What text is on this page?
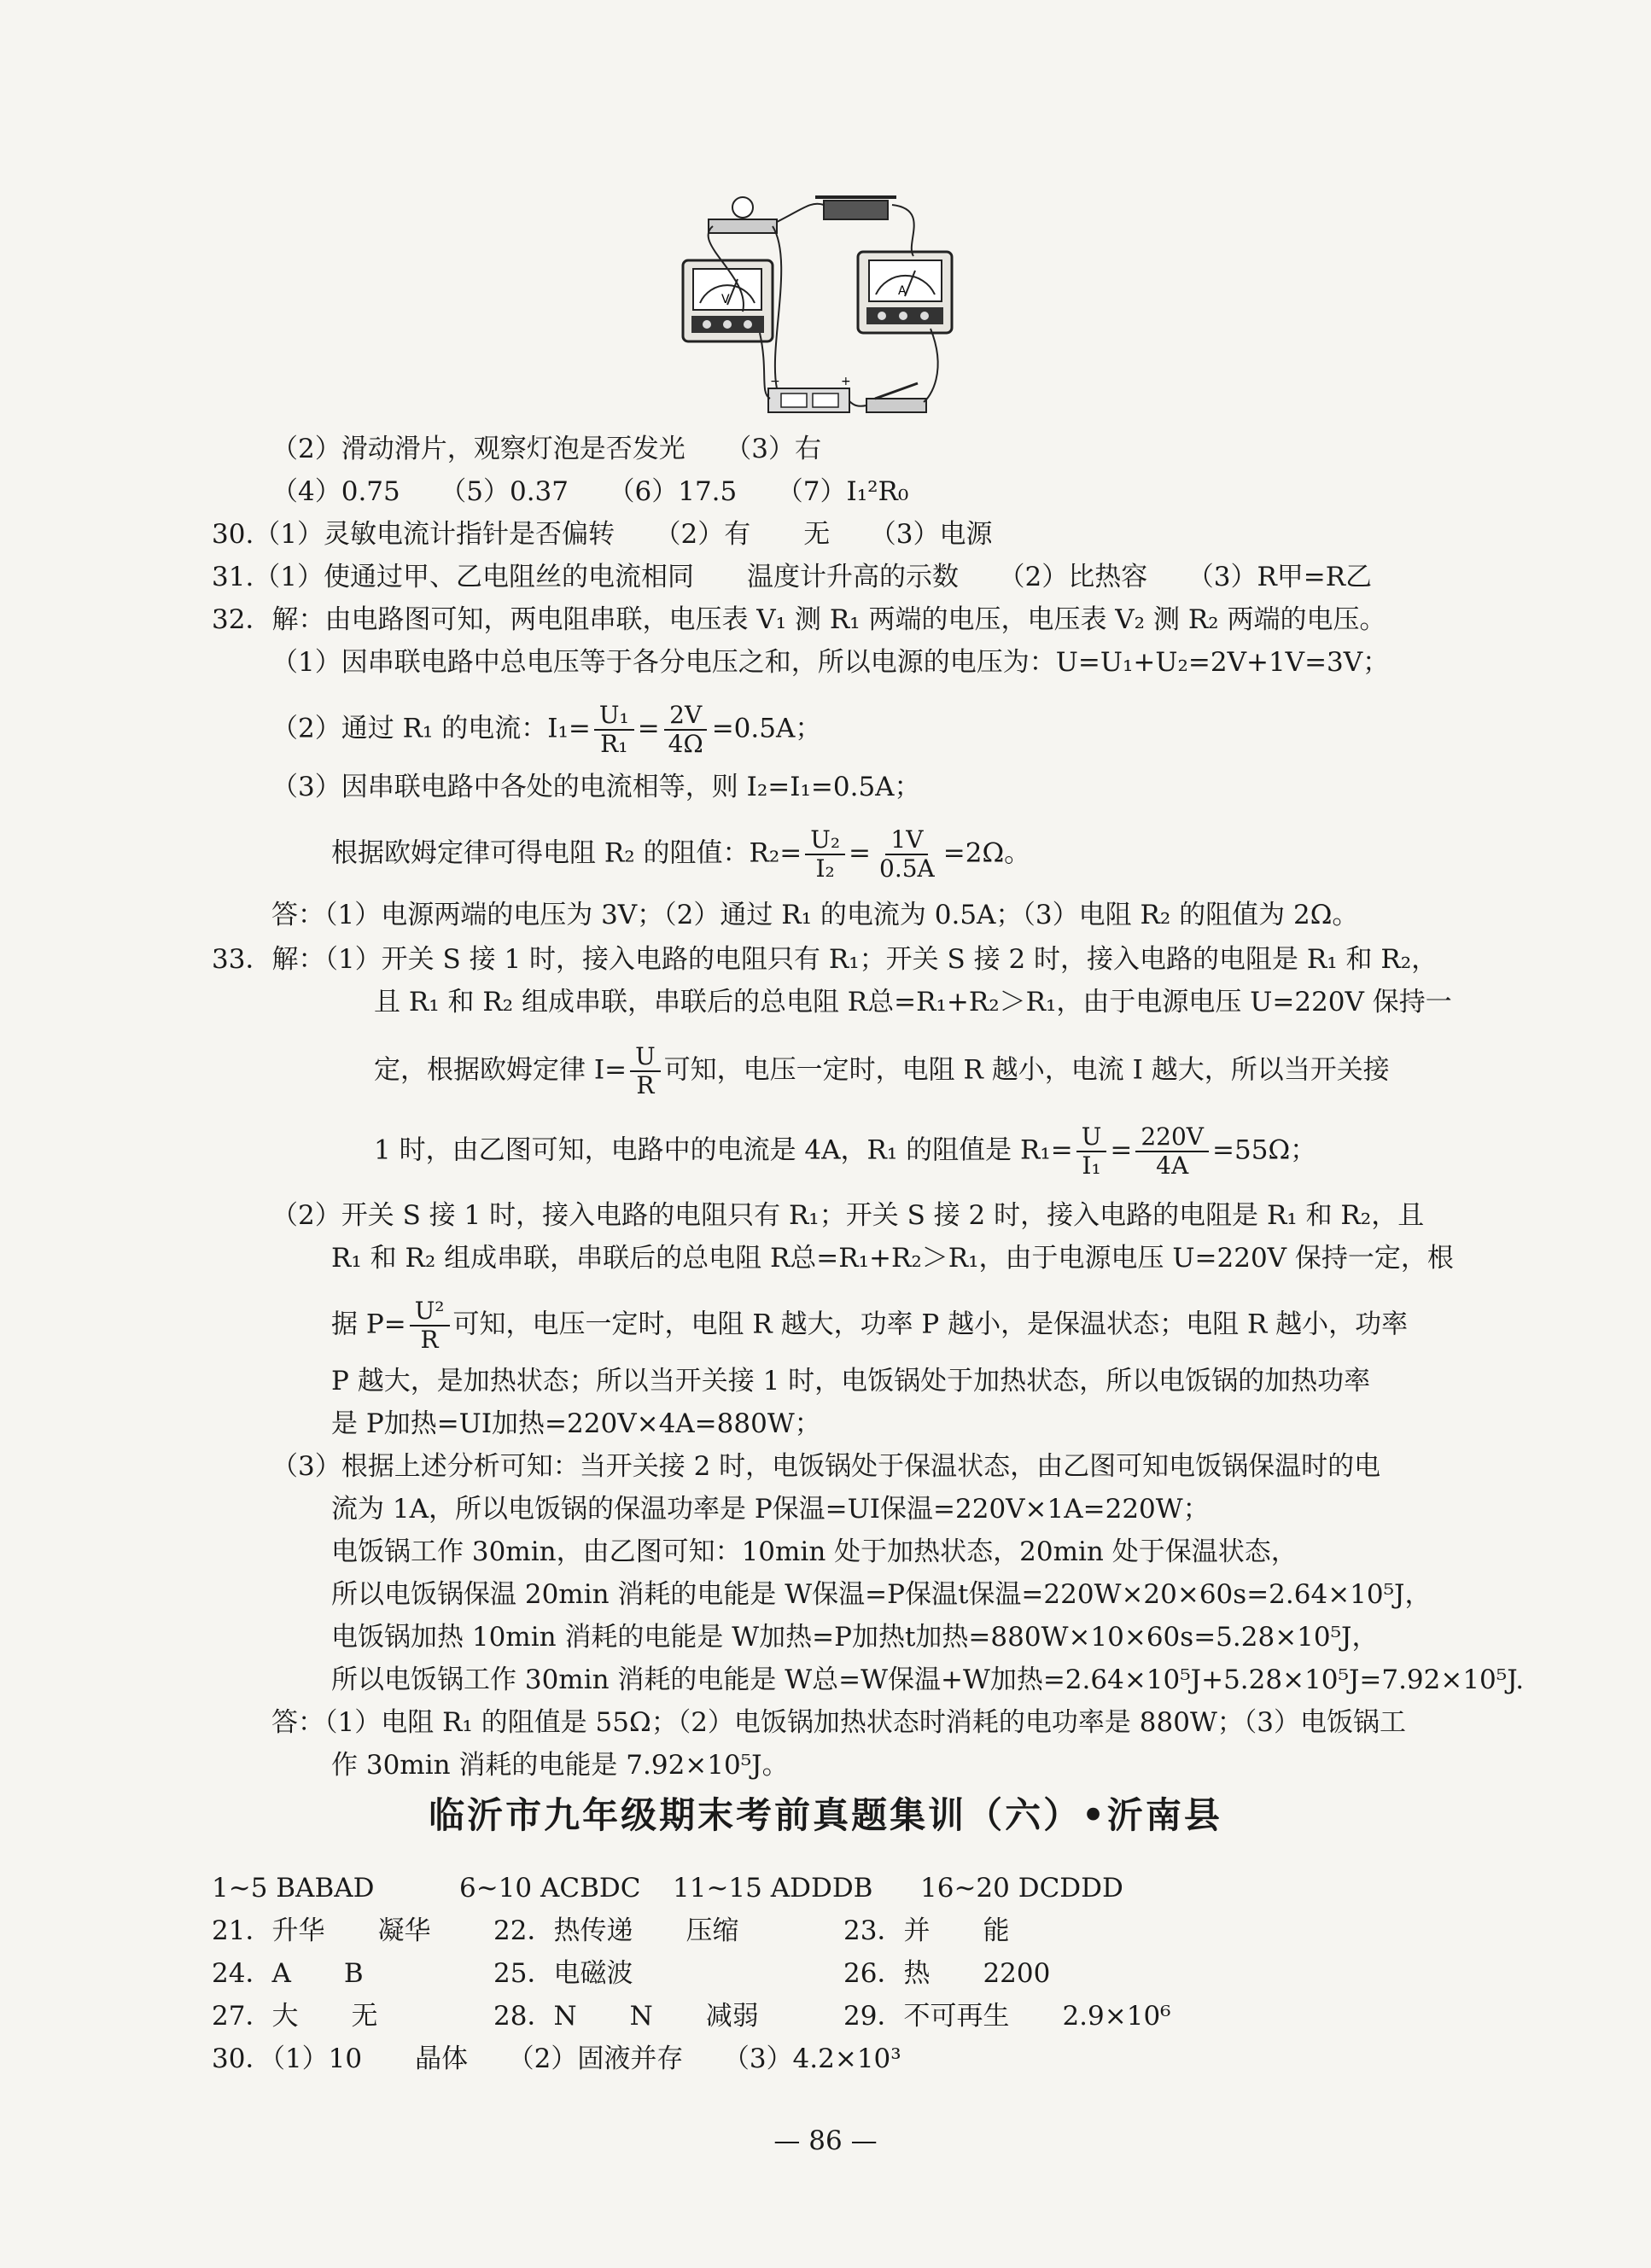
V
A
−	+
（2）滑动滑片，观察灯泡是否发光　　（3）右
（4）0.75　　（5）0.37　　（6）17.5　　（7）I₁²R₀
30.（1）灵敏电流计指针是否偏转　　（2）有　　无　　（3）电源
31.（1）使通过甲、乙电阻丝的电流相同　　温度计升高的示数　　（2）比热容　　（3）R甲=R乙
32．解：由电路图可知，两电阻串联，电压表 V₁ 测 R₁ 两端的电压，电压表 V₂ 测 R₂ 两端的电压。
（1）因串联电路中总电压等于各分电压之和，所以电源的电压为：U=U₁+U₂=2V+1V=3V；
（2）通过 R₁ 的电流：$I_1= \frac{\text{U₁}}{\text{R₁}} = \frac{2V}{4\Omega} =0.5A$；
（3）因串联电路中各处的电流相等，则 I₂=I₁=0.5A；
根据欧姆定律可得电阻 R₂ 的阻值：$R_2= \frac{\text{U₂}}{\text{I₂}} = \frac{1V}{0.5A} =2\Omega$。
答：（1）电源两端的电压为 3V；（2）通过 R₁ 的电流为 0.5A；（3）电阻 R₂ 的阻值为 2Ω。
33．解：（1）开关 S 接 1 时，接入电路的电阻只有 R₁；开关 S 接 2 时，接入电路的电阻是 R₁ 和 R₂，
且 R₁ 和 R₂ 组成串联，串联后的总电阻 R总=R₁+R₂＞R₁，由于电源电压 U=220V 保持一
定，根据欧姆定律 $I= \frac{U}{R}$ 可知，电压一定时，电阻 R 越小，电流 I 越大，所以当开关接
1 时，由乙图可知，电路中的电流是 4A，R₁ 的阻值是 $R_1= \frac{U}{\text{I₁}} = \frac{220V}{4A} =55\Omega$；
（2）开关 S 接 1 时，接入电路的电阻只有 R₁；开关 S 接 2 时，接入电路的电阻是 R₁ 和 R₂，且
R₁ 和 R₂ 组成串联，串联后的总电阻 R总=R₁+R₂＞R₁，由于电源电压 U=220V 保持一定，根
据 $P= \frac{\text{U²}}{R}$ 可知，电压一定时，电阻 R 越大，功率 P 越小，是保温状态；电阻 R 越小，功率
P 越大，是加热状态；所以当开关接 1 时，电饭锅处于加热状态，所以电饭锅的加热功率
是 P加热=UI加热=220V×4A=880W；
（3）根据上述分析可知：当开关接 2 时，电饭锅处于保温状态，由乙图可知电饭锅保温时的电
流为 1A，所以电饭锅的保温功率是 P保温=UI保温=220V×1A=220W；
电饭锅工作 30min，由乙图可知：10min 处于加热状态，20min 处于保温状态，
所以电饭锅保温 20min 消耗的电能是 W保温=P保温t保温=220W×20×60s=2.64×10⁵J，
电饭锅加热 10min 消耗的电能是 W加热=P加热t加热=880W×10×60s=5.28×10⁵J，
所以电饭锅工作 30min 消耗的电能是 W总=W保温+W加热=2.64×10⁵J+5.28×10⁵J=7.92×10⁵J.
答：（1）电阻 R₁ 的阻值是 55Ω；（2）电饭锅加热状态时消耗的电功率是 880W；（3）电饭锅工
作 30min 消耗的电能是 7.92×10⁵J。
临沂市九年级期末考前真题集训（六）•沂南县
1~5 BABAD	6~10 ACBDC 11~15 ADDDB 16~20 DCDDD
21．升华　　凝华 22．热传递　　压缩	23．并　　能
24．A　　B	25．电磁波	26．热　　2200
27．大　　无	28．N　　N　　减弱	29．不可再生　　2.9×10⁶
30．（1）10　　晶体　　（2）固液并存　　（3）4.2×10³
— 86 —
